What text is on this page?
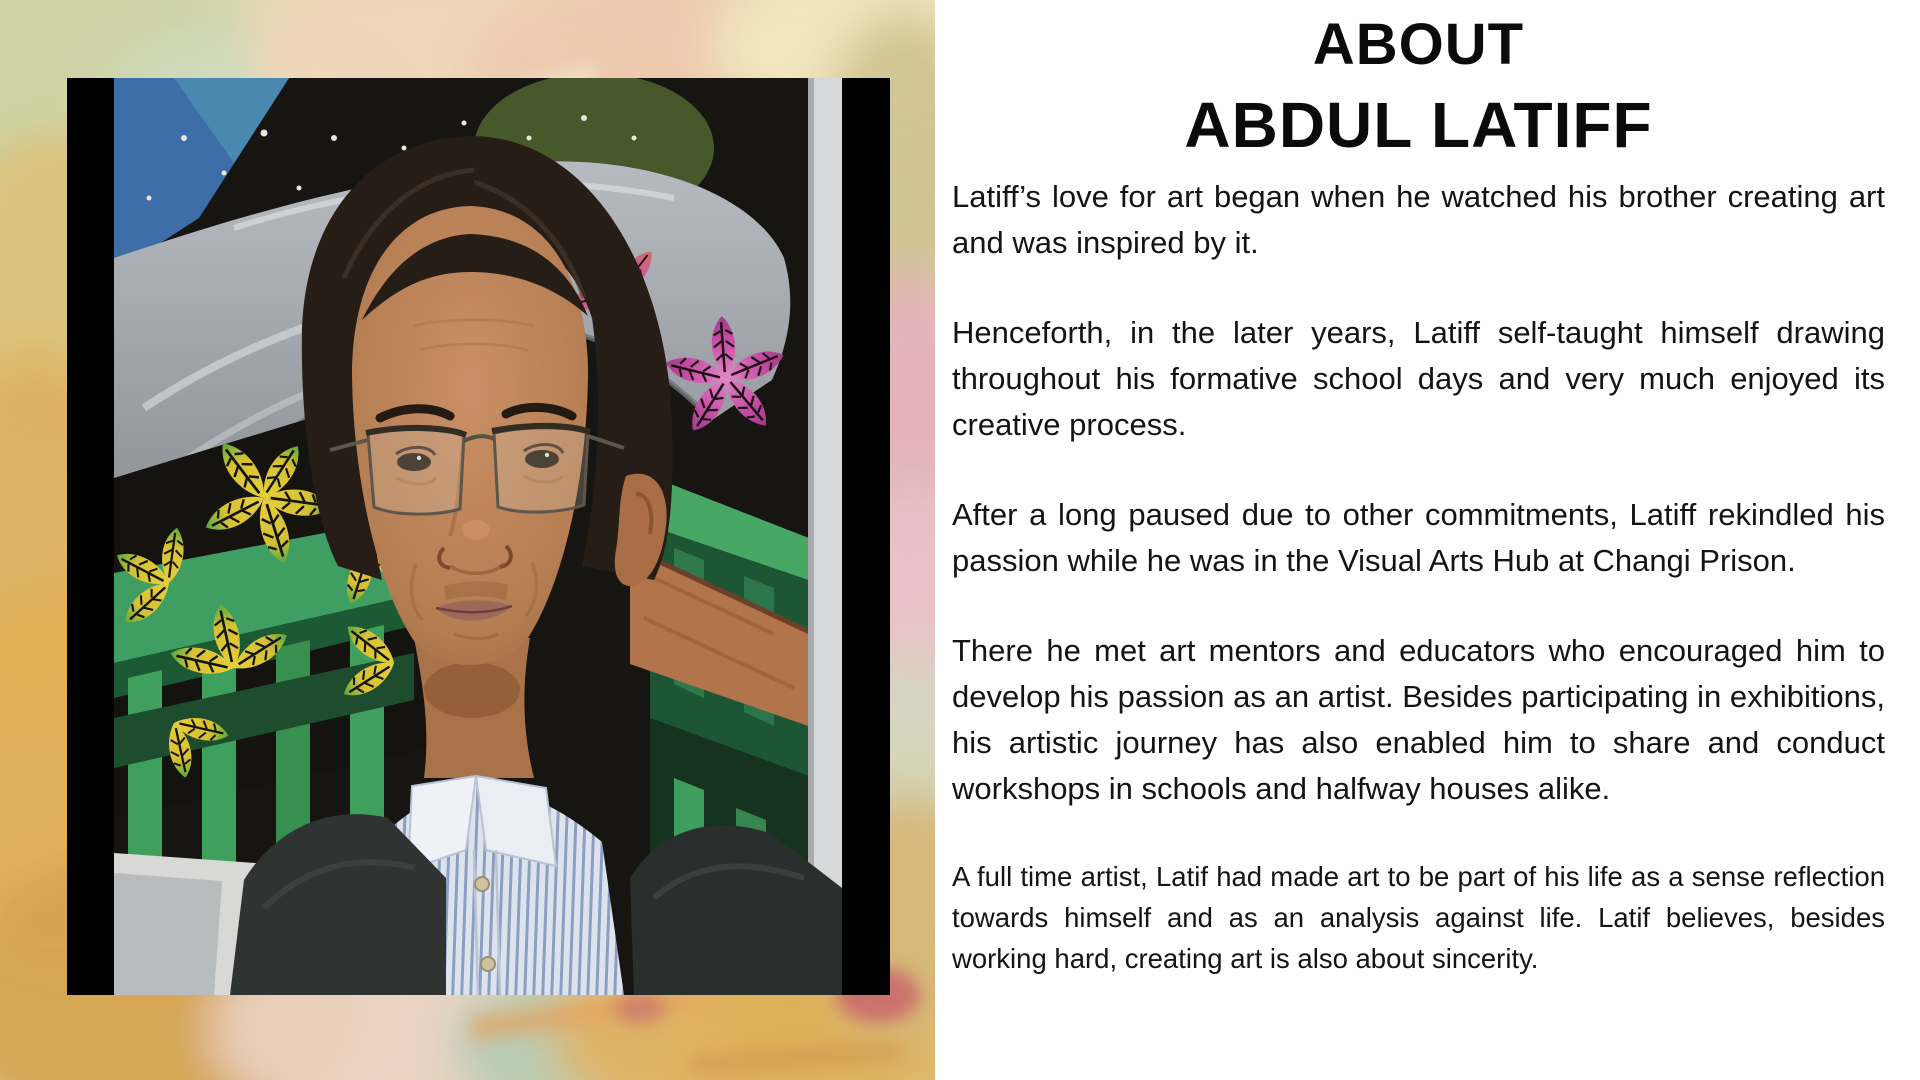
ABOUT
ABDUL LATIFF

Latiff’s love for art began when he watched his brother creating art and was inspired by it.

Henceforth, in the later years, Latiff self-taught himself drawing throughout his formative school days and very much enjoyed its creative process.

After a long paused due to other commitments, Latiff rekindled his passion while he was in the Visual Arts Hub at Changi Prison.

There he met art mentors and educators who encouraged him to develop his passion as an artist. Besides participating in exhibitions, his artistic journey has also enabled him to share and conduct workshops in schools and halfway houses alike.

A full time artist, Latif had made art to be part of his life as a sense reflection towards himself and as an analysis against life. Latif believes, besides working hard, creating art is also about sincerity.
